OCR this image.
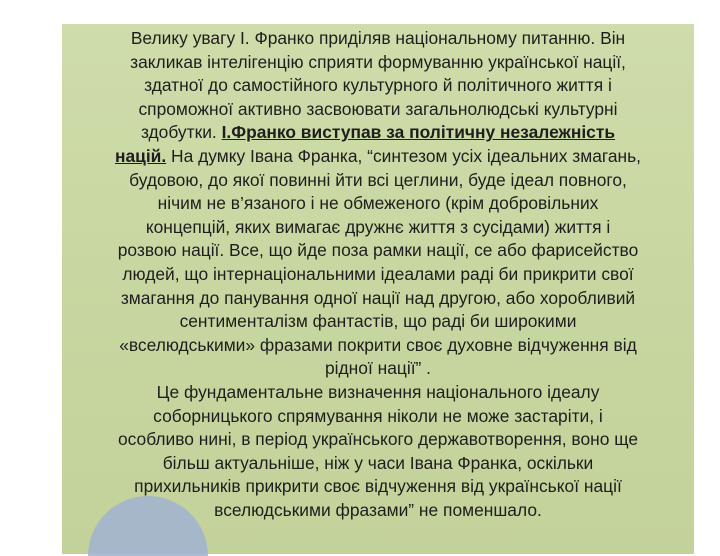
Велику увагу І. Франко приділяв національному питанню. Він
закликав інтелігенцію сприяти формуванню української нації,
здатної до самостійного культурного й політичного життя і
спроможної активно засвоювати загальнолюдські культурні
здобутки. І.Франко виступав за політичну незалежність
націй. На думку Івана Франка, “синтезом усіх ідеальних змагань,
будовою, до якої повинні йти всі цеглини, буде ідеал повного,
нічим не в’язаного і не обмеженого (крім добровільних
концепцій, яких вимагає дружнє життя з сусідами) життя і
розвою нації. Все, що йде поза рамки нації, се або фарисейство
людей, що інтернаціональними ідеалами раді би прикрити свої
змагання до панування одної нації над другою, або хоробливий
сентименталізм фантастів, що раді би широкими
«вселюдськими» фразами покрити своє духовне відчуження від
рідної нації” .

Це фундаментальне визначення національного ідеалу
соборницького спрямування ніколи не може застаріти, і
особливо нині, в період українського державотворення, воно ще
більш актуальніше, ніж у часи Івана Франка, оскільки
прихильників прикрити своє відчуження від української нації
вселюдськими фразами” не поменшало.
